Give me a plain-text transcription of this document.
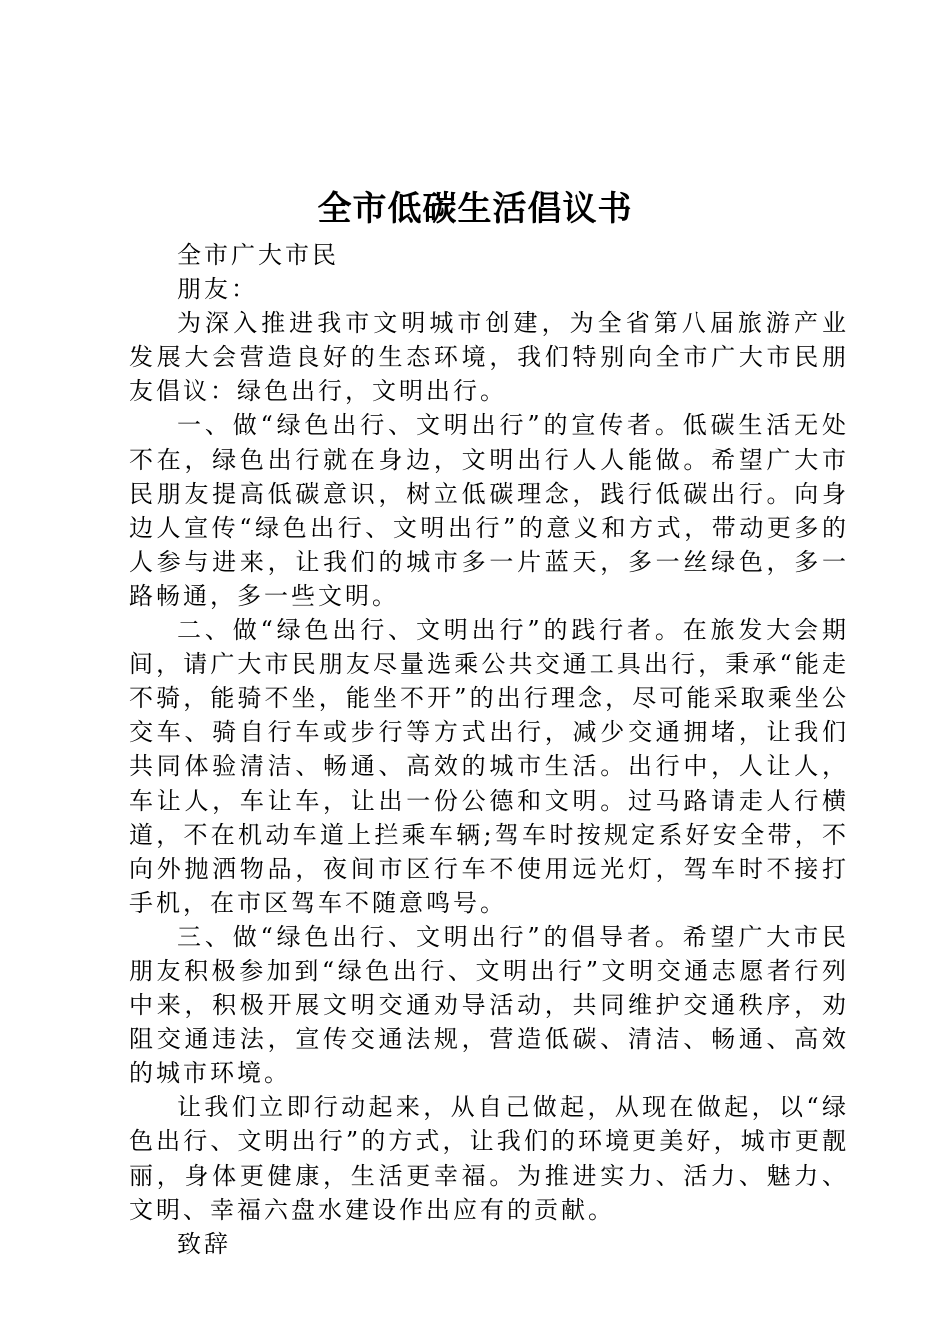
全市低碳生活倡议书

全市广大市民

朋友：

为深入推进我市文明城市创建，为全省第八届旅游产业发展大会营造良好的生态环境，我们特别向全市广大市民朋友倡议：绿色出行，文明出行。

一、做“绿色出行、文明出行”的宣传者。低碳生活无处不在，绿色出行就在身边，文明出行人人能做。希望广大市民朋友提高低碳意识，树立低碳理念，践行低碳出行。向身边人宣传“绿色出行、文明出行”的意义和方式，带动更多的人参与进来，让我们的城市多一片蓝天，多一丝绿色，多一路畅通，多一些文明。

二、做“绿色出行、文明出行”的践行者。在旅发大会期间，请广大市民朋友尽量选乘公共交通工具出行，秉承“能走不骑，能骑不坐，能坐不开”的出行理念，尽可能采取乘坐公交车、骑自行车或步行等方式出行，减少交通拥堵，让我们共同体验清洁、畅通、高效的城市生活。出行中，人让人，车让人，车让车，让出一份公德和文明。过马路请走人行横道，不在机动车道上拦乘车辆;驾车时按规定系好安全带，不向外抛洒物品，夜间市区行车不使用远光灯，驾车时不接打手机，在市区驾车不随意鸣号。

三、做“绿色出行、文明出行”的倡导者。希望广大市民朋友积极参加到“绿色出行、文明出行”文明交通志愿者行列中来，积极开展文明交通劝导活动，共同维护交通秩序，劝阻交通违法，宣传交通法规，营造低碳、清洁、畅通、高效的城市环境。

让我们立即行动起来，从自己做起，从现在做起，以“绿色出行、文明出行”的方式，让我们的环境更美好，城市更靓丽，身体更健康，生活更幸福。为推进实力、活力、魅力、文明、幸福六盘水建设作出应有的贡献。

致辞
